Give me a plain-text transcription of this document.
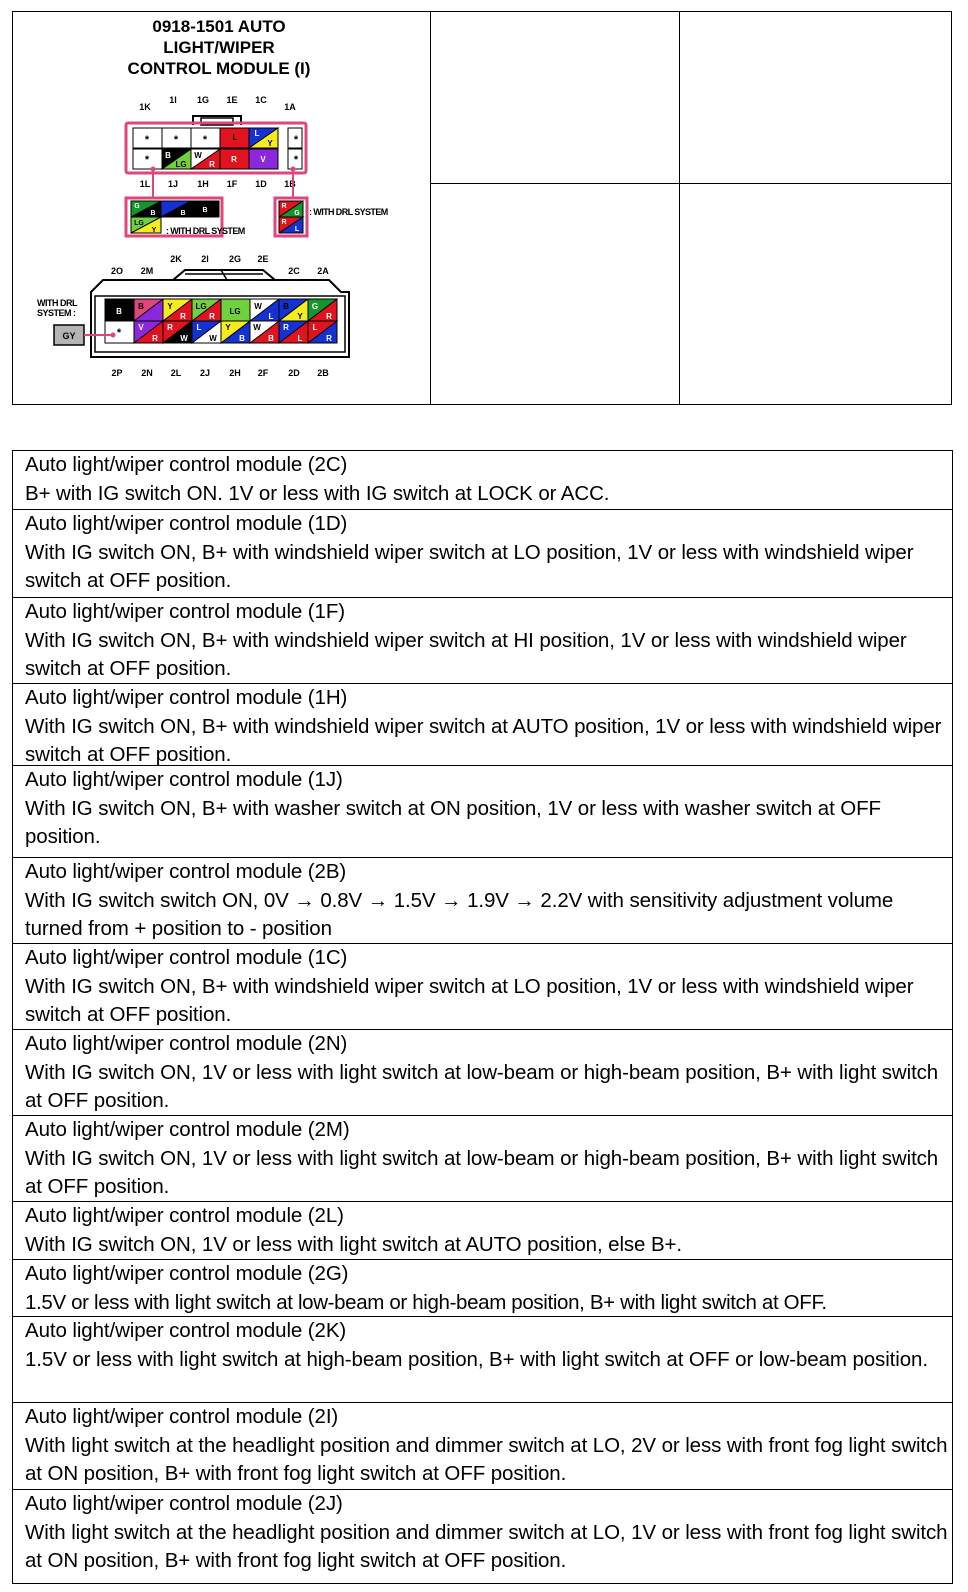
0918-1501 AUTO
LIGHT/WIPER
CONTROL MODULE (I)
1K
1I 1G 1E 1C
1A
* * *	*
L L
Y
*	*
B
LG
W
R
R	V
1L 1J 1H 1F 1D 1B
G
B	B B
LG
Y : WITH DRL SYSTEM
R
G
R
L
: WITH DRL SYSTEM
2O 2M
2K 2I 2G 2E
2C 2A
B
B	Y
R
LG
R
LG
W
L
B
Y
G
R
* V
R
R
W
L
W
Y
B
W
B
R
L
L
R
2P 2N 2L 2J 2H 2F 2D 2B
WITH DRL
SYSTEM :
GY
Auto light/wiper control module (2C)
B+ with IG switch ON. 1V or less with IG switch at LOCK or ACC.
Auto light/wiper control module (1D)
With IG switch ON, B+ with windshield wiper switch at LO position, 1V or less with windshield wiper switch at OFF position.
Auto light/wiper control module (1F)
With IG switch ON, B+ with windshield wiper switch at HI position, 1V or less with windshield wiper switch at OFF position.
Auto light/wiper control module (1H)
With IG switch ON, B+ with windshield wiper switch at AUTO position, 1V or less with windshield wiper switch at OFF position.
Auto light/wiper control module (1J)
With IG switch ON, B+ with washer switch at ON position, 1V or less with washer switch at OFF position.
Auto light/wiper control module (2B)
With IG switch switch ON, 0V → 0.8V → 1.5V → 1.9V → 2.2V with sensitivity adjustment volume turned from + position to - position
Auto light/wiper control module (1C)
With IG switch ON, B+ with windshield wiper switch at LO position, 1V or less with windshield wiper switch at OFF position.
Auto light/wiper control module (2N)
With IG switch ON, 1V or less with light switch at low-beam or high-beam position, B+ with light switch at OFF position.
Auto light/wiper control module (2M)
With IG switch ON, 1V or less with light switch at low-beam or high-beam position, B+ with light switch at OFF position.
Auto light/wiper control module (2L)
With IG switch ON, 1V or less with light switch at AUTO position, else B+.
Auto light/wiper control module (2G)
1.5V or less with light switch at low-beam or high-beam position, B+ with light switch at OFF.
Auto light/wiper control module (2K)
1.5V or less with light switch at high-beam position, B+ with light switch at OFF or low-beam position.
Auto light/wiper control module (2I)
With light switch at the headlight position and dimmer switch at LO, 2V or less with front fog light switch at ON position, B+ with front fog light switch at OFF position.
Auto light/wiper control module (2J)
With light switch at the headlight position and dimmer switch at LO, 1V or less with front fog light switch at ON position, B+ with front fog light switch at OFF position.
